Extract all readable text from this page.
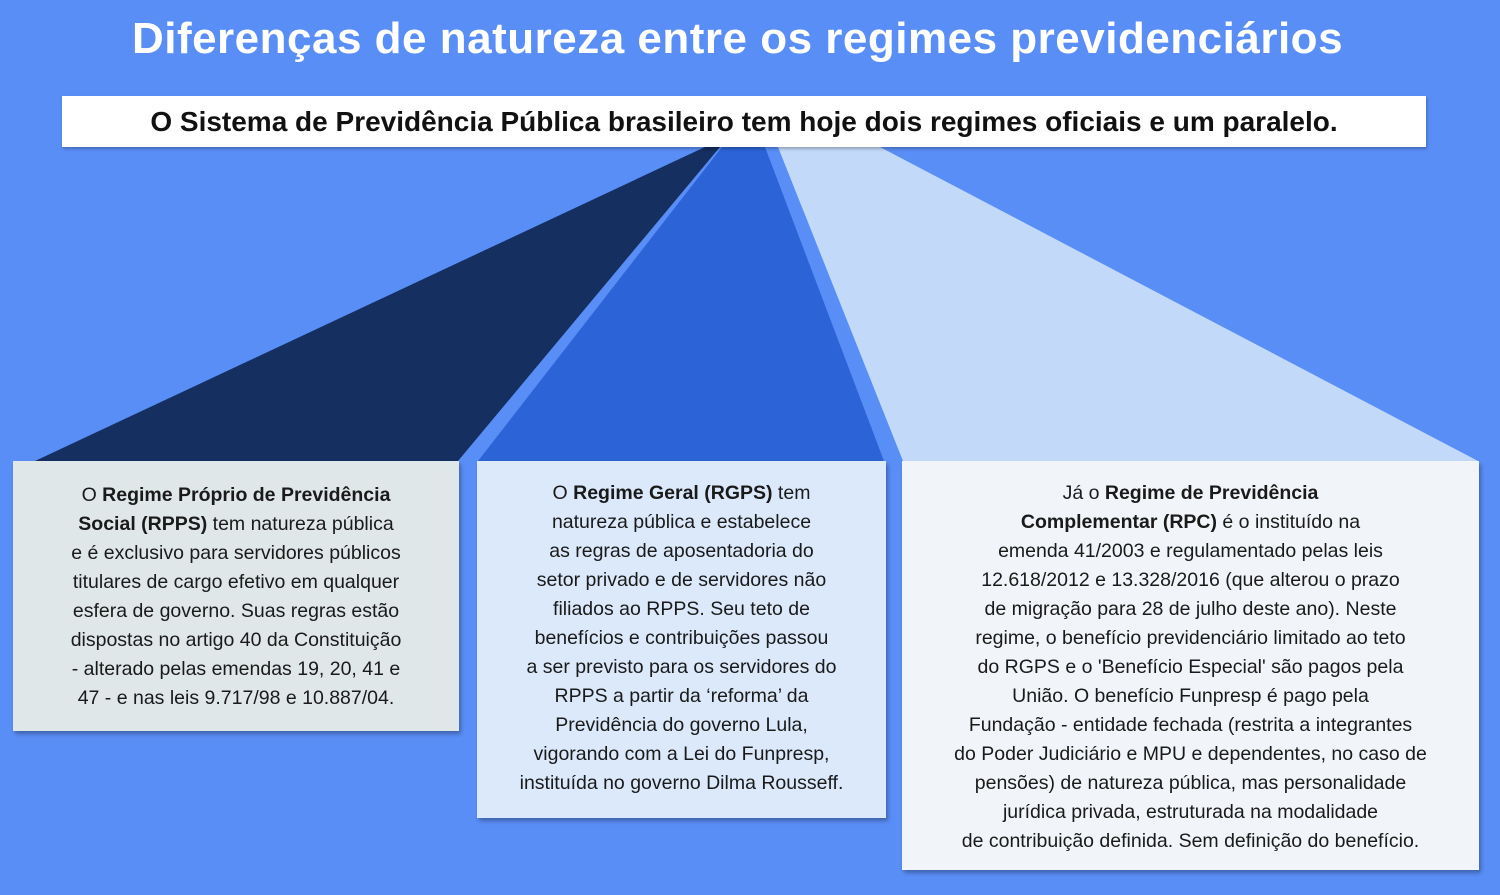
Diferenças de natureza entre os regimes previdenciários
O Sistema de Previdência Pública brasileiro tem hoje dois regimes oficiais e um paralelo.
O Regime Próprio de Previdência
Social (RPPS) tem natureza pública
e é exclusivo para servidores públicos
titulares de cargo efetivo em qualquer
esfera de governo. Suas regras estão
dispostas no artigo 40 da Constituição
- alterado pelas emendas 19, 20, 41 e
47 - e nas leis 9.717/98 e 10.887/04.
O Regime Geral (RGPS) tem
natureza pública e estabelece
as regras de aposentadoria do
setor privado e de servidores não
filiados ao RPPS. Seu teto de
benefícios e contribuições passou
a ser previsto para os servidores do
RPPS a partir da ‘reforma’ da
Previdência do governo Lula,
vigorando com a Lei do Funpresp,
instituída no governo Dilma Rousseff.
Já o Regime de Previdência
Complementar (RPC) é o instituído na
emenda 41/2003 e regulamentado pelas leis
12.618/2012 e 13.328/2016 (que alterou o prazo
de migração para 28 de julho deste ano). Neste
regime, o benefício previdenciário limitado ao teto
do RGPS e o 'Benefício Especial' são pagos pela
União. O benefício Funpresp é pago pela
Fundação - entidade fechada (restrita a integrantes
do Poder Judiciário e MPU e dependentes, no caso de
pensões) de natureza pública, mas personalidade
jurídica privada, estruturada na modalidade
de contribuição definida. Sem definição do benefício.
